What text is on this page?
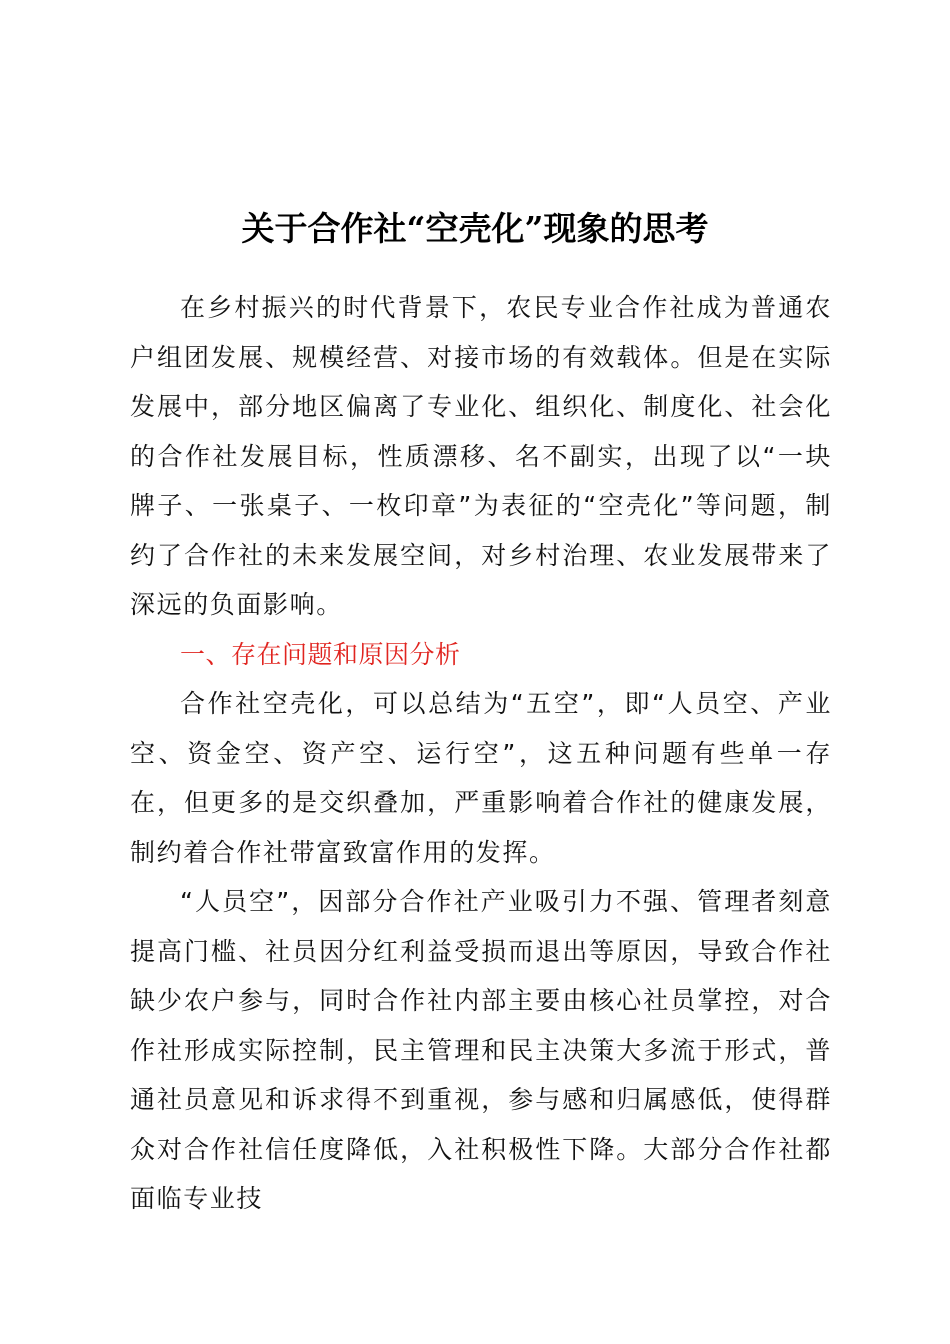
关于合作社“空壳化”现象的思考

在乡村振兴的时代背景下，农民专业合作社成为普通农户组团发展、规模经营、对接市场的有效载体。但是在实际发展中，部分地区偏离了专业化、组织化、制度化、社会化的合作社发展目标，性质漂移、名不副实，出现了以“一块牌子、一张桌子、一枚印章”为表征的“空壳化”等问题，制约了合作社的未来发展空间，对乡村治理、农业发展带来了深远的负面影响。

一、存在问题和原因分析

合作社空壳化，可以总结为“五空”，即“人员空、产业空、资金空、资产空、运行空”，这五种问题有些单一存在，但更多的是交织叠加，严重影响着合作社的健康发展，制约着合作社带富致富作用的发挥。

“人员空”，因部分合作社产业吸引力不强、管理者刻意提高门槛、社员因分红利益受损而退出等原因，导致合作社缺少农户参与，同时合作社内部主要由核心社员掌控，对合作社形成实际控制，民主管理和民主决策大多流于形式，普通社员意见和诉求得不到重视，参与感和归属感低，使得群众对合作社信任度降低，入社积极性下降。大部分合作社都面临专业技
